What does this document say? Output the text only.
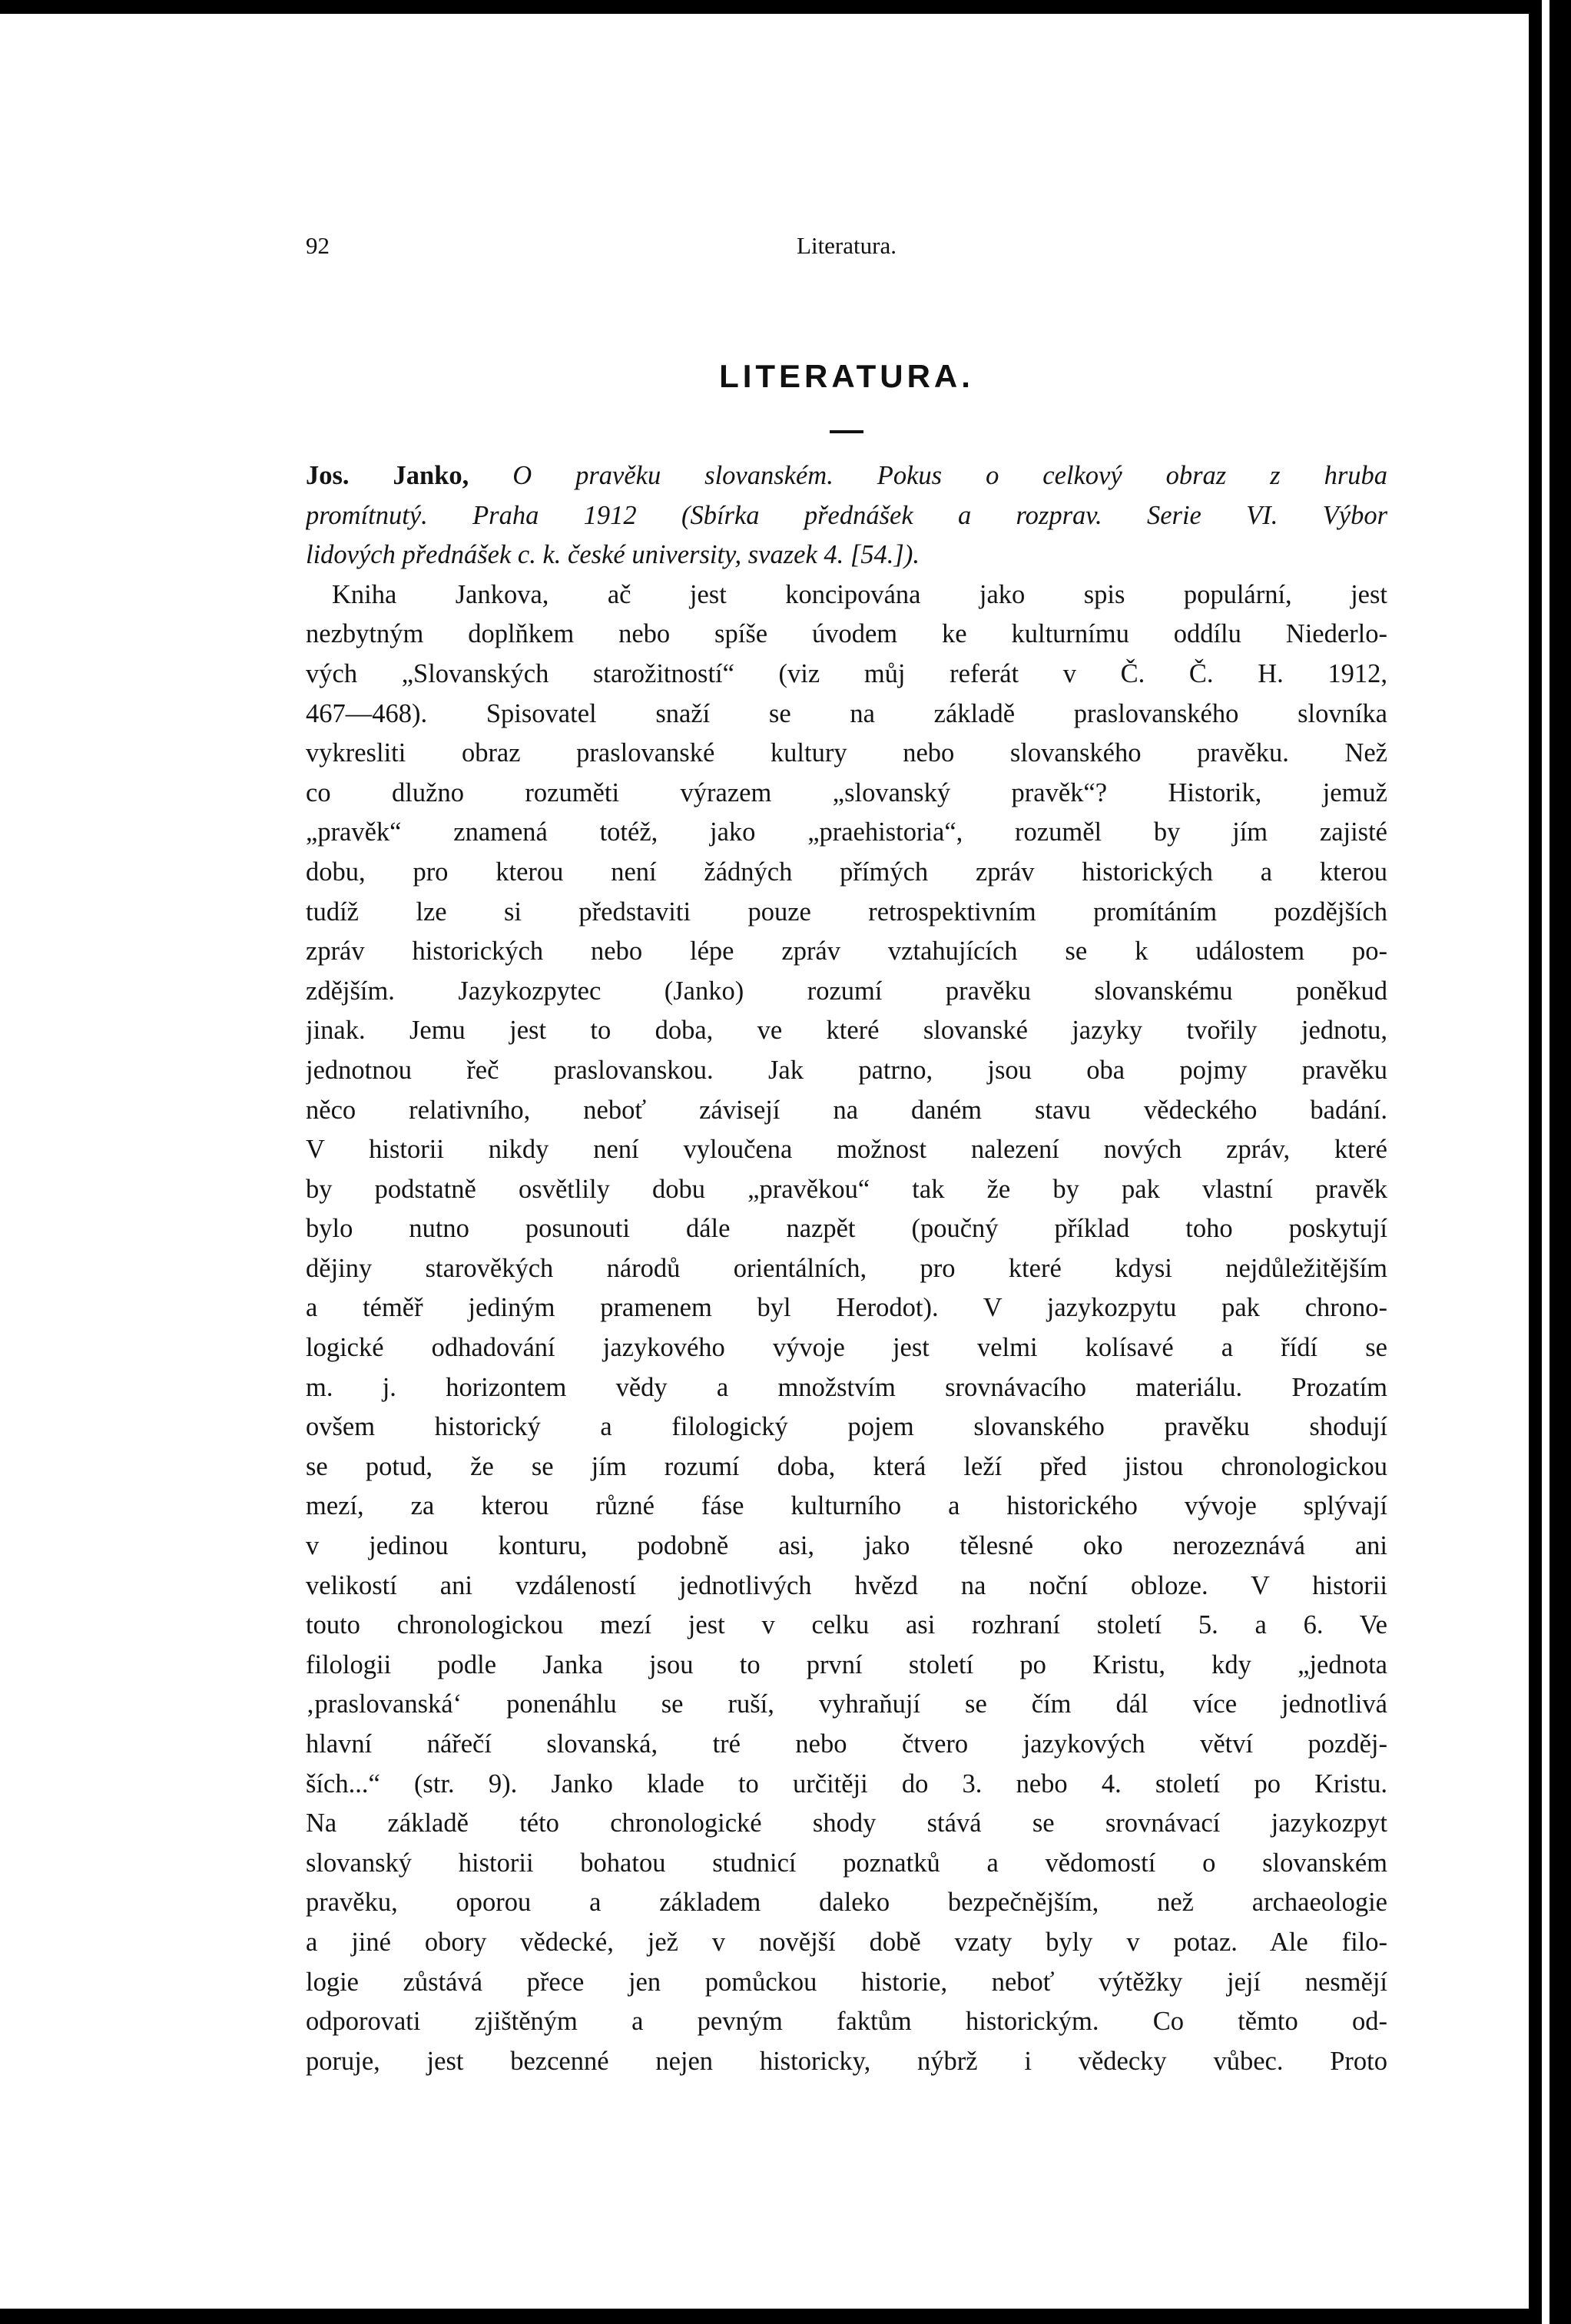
92	Literatura.
LITERATURA.
Jos. Janko, O pravěku slovanském. Pokus o celkový obraz z hruba
promítnutý. Praha 1912 (Sbírka přednášek a rozprav. Serie VI. Výbor
lidových přednášek c. k. české university, svazek 4. [54.]).
Kniha Jankova, ač jest koncipována jako spis populární, jest
nezbytným doplňkem nebo spíše úvodem ke kulturnímu oddílu Niederlo-
vých „Slovanských starožitností“ (viz můj referát v Č. Č. H. 1912,
467—468). Spisovatel snaží se na základě praslovanského slovníka
vykresliti obraz praslovanské kultury nebo slovanského pravěku. Než
co dlužno rozuměti výrazem „slovanský pravěk“? Historik, jemuž
„pravěk“ znamená totéž, jako „praehistoria“, rozuměl by jím zajisté
dobu, pro kterou není žádných přímých zpráv historických a kterou
tudíž lze si představiti pouze retrospektivním promítáním pozdějších
zpráv historických nebo lépe zpráv vztahujících se k událostem po-
zdějším. Jazykozpytec (Janko) rozumí pravěku slovanskému poněkud
jinak. Jemu jest to doba, ve které slovanské jazyky tvořily jednotu,
jednotnou řeč praslovanskou. Jak patrno, jsou oba pojmy pravěku
něco relativního, neboť závisejí na daném stavu vědeckého badání.
V historii nikdy není vyloučena možnost nalezení nových zpráv, které
by podstatně osvětlily dobu „pravěkou“ tak že by pak vlastní pravěk
bylo nutno posunouti dále nazpět (poučný příklad toho poskytují
dějiny starověkých národů orientálních, pro které kdysi nejdůležitějším
a téměř jediným pramenem byl Herodot). V jazykozpytu pak chrono-
logické odhadování jazykového vývoje jest velmi kolísavé a řídí se
m. j. horizontem vědy a množstvím srovnávacího materiálu. Prozatím
ovšem historický a filologický pojem slovanského pravěku shodují
se potud, že se jím rozumí doba, která leží před jistou chronologickou
mezí, za kterou různé fáse kulturního a historického vývoje splývají
v jedinou konturu, podobně asi, jako tělesné oko nerozeznává ani
velikostí ani vzdáleností jednotlivých hvězd na noční obloze. V historii
touto chronologickou mezí jest v celku asi rozhraní století 5. a 6. Ve
filologii podle Janka jsou to první století po Kristu, kdy „jednota
‚praslovanská‘ ponenáhlu se ruší, vyhraňují se čím dál více jednotlivá
hlavní nářečí slovanská, tré nebo čtvero jazykových větví pozděj-
ších...“ (str. 9). Janko klade to určitěji do 3. nebo 4. století po Kristu.
Na základě této chronologické shody stává se srovnávací jazykozpyt
slovanský historii bohatou studnicí poznatků a vědomostí o slovanském
pravěku, oporou a základem daleko bezpečnějším, než archaeologie
a jiné obory vědecké, jež v novější době vzaty byly v potaz. Ale filo-
logie zůstává přece jen pomůckou historie, neboť výtěžky její nesmějí
odporovati zjištěným a pevným faktům historickým. Co těmto od-
poruje, jest bezcenné nejen historicky, nýbrž i vědecky vůbec. Proto
